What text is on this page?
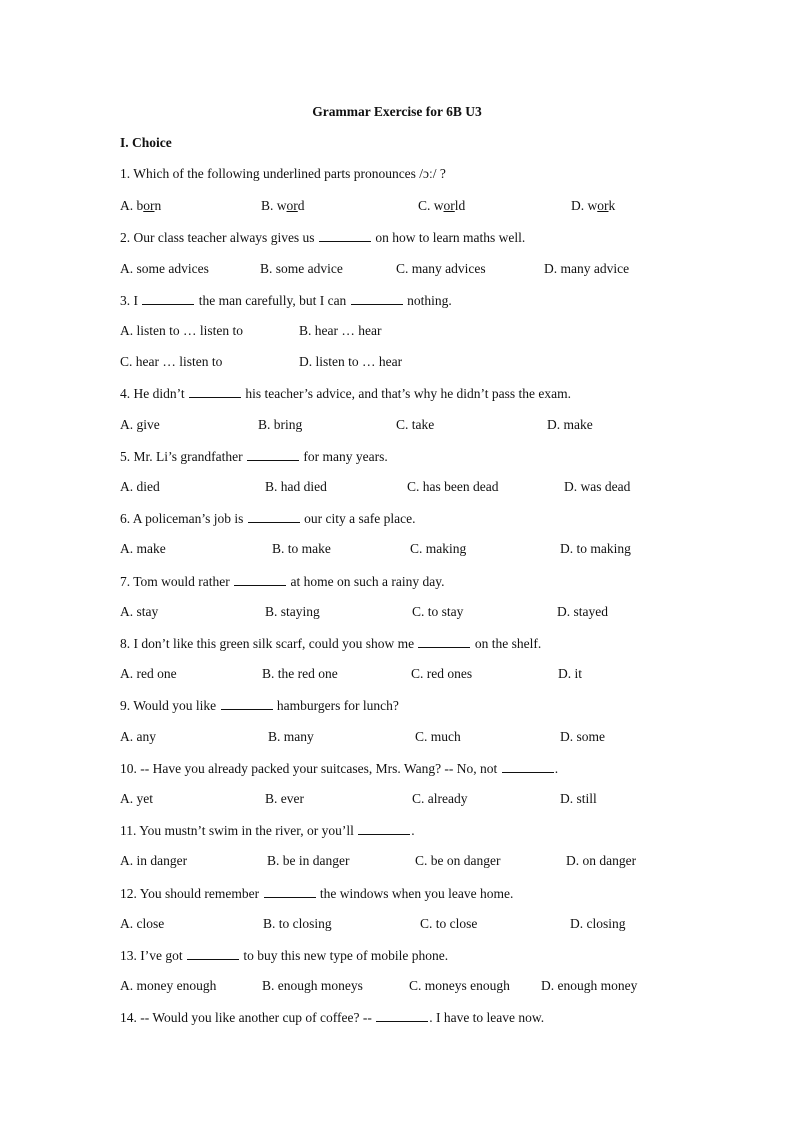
Grammar Exercise for 6B U3
I. Choice
1. Which of the following underlined parts pronounces /ɔː/ ?
A. born	B. word	C. world	D. work
2. Our class teacher always gives us	on how to learn maths well.
A. some advices	B. some advice	C. many advices	D. many advice
3. I	the man carefully, but I can	nothing.
A. listen to … listen to	B. hear … hear
C. hear … listen to	D. listen to … hear
4. He didn’t	his teacher’s advice, and that’s why he didn’t pass the exam.
A. give	B. bring	C. take	D. make
5. Mr. Li’s grandfather	for many years.
A. died	B. had died	C. has been dead	D. was dead
6. A policeman’s job is	our city a safe place.
A. make	B. to make	C. making	D. to making
7. Tom would rather	at home on such a rainy day.
A. stay	B. staying	C. to stay	D. stayed
8. I don’t like this green silk scarf, could you show me	on the shelf.
A. red one	B. the red one	C. red ones	D. it
9. Would you like	hamburgers for lunch?
A. any	B. many	C. much	D. some
10. -- Have you already packed your suitcases, Mrs. Wang? -- No, not	.
A. yet	B. ever	C. already	D. still
11. You mustn’t swim in the river, or you’ll	.
A. in danger	B. be in danger	C. be on danger	D. on danger
12. You should remember	the windows when you leave home.
A. close	B. to closing	C. to close	D. closing
13. I’ve got	to buy this new type of mobile phone.
A. money enough	B. enough moneys	C. moneys enough D. enough money
14. -- Would you like another cup of coffee? --	. I have to leave now.
